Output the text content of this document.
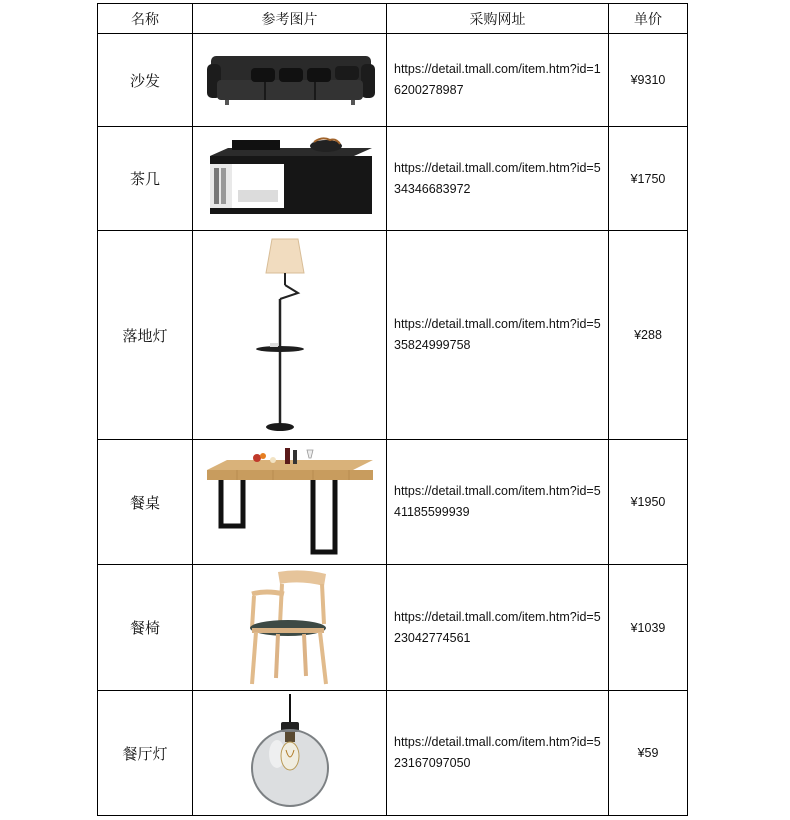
名称	参考图片	采购网址	单价
沙发		https://detail.tmall.com/item.htm?id=16200278987	¥9310
茶几		https://detail.tmall.com/item.htm?id=534346683972	¥1750
落地灯		https://detail.tmall.com/item.htm?id=535824999758	¥288
餐桌		https://detail.tmall.com/item.htm?id=541185599939	¥1950
餐椅		https://detail.tmall.com/item.htm?id=523042774561	¥1039
餐厅灯		https://detail.tmall.com/item.htm?id=523167097050	¥59
